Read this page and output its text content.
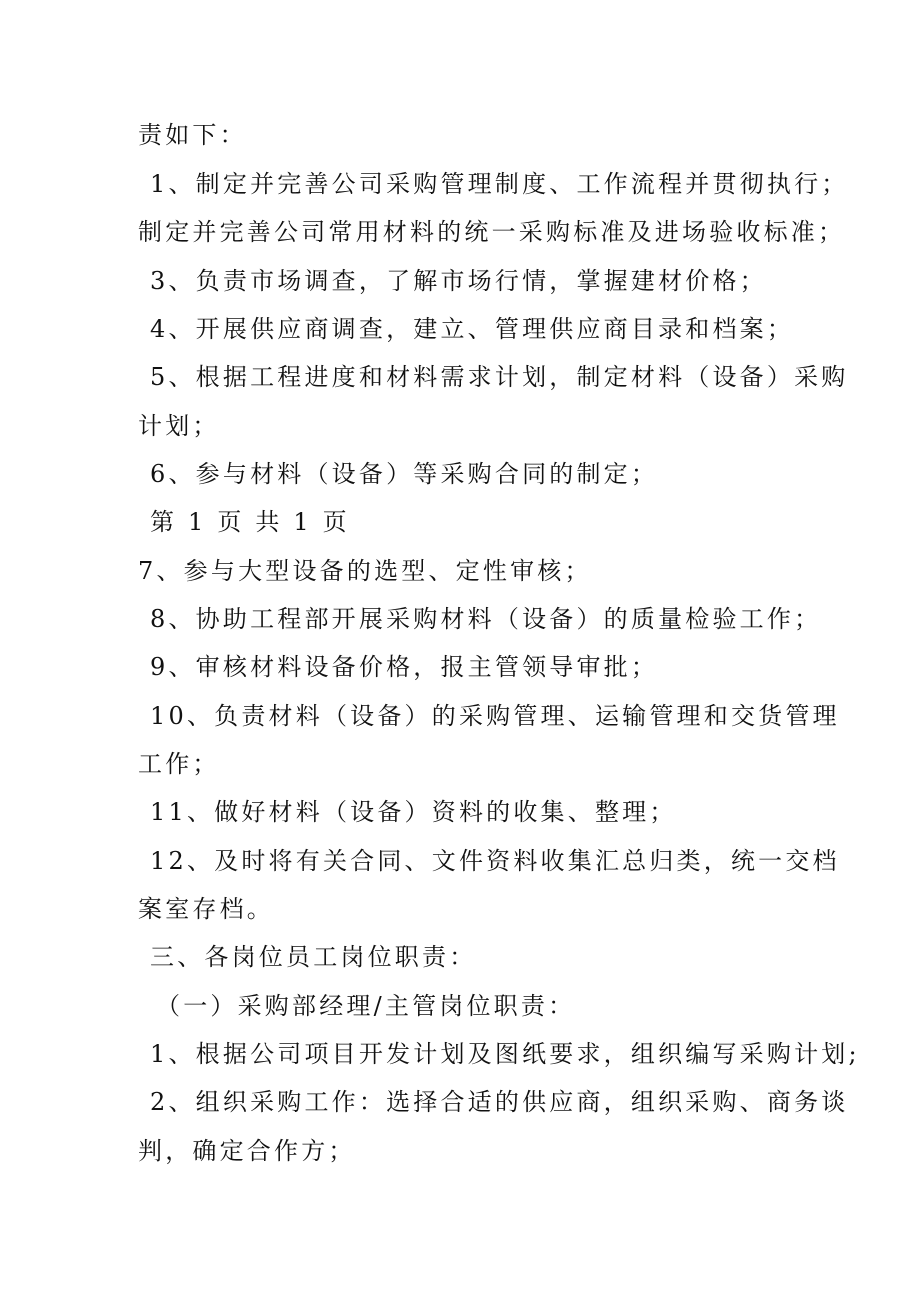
责如下：
1、制定并完善公司采购管理制度、工作流程并贯彻执行；
制定并完善公司常用材料的统一采购标准及进场验收标准；
3、负责市场调查，了解市场行情，掌握建材价格；
4、开展供应商调查，建立、管理供应商目录和档案；
5、根据工程进度和材料需求计划，制定材料（设备）采购
计划；
6、参与材料（设备）等采购合同的制定；
第 1 页 共 1 页
7、参与大型设备的选型、定性审核；
8、协助工程部开展采购材料（设备）的质量检验工作；
9、审核材料设备价格，报主管领导审批；
10、负责材料（设备）的采购管理、运输管理和交货管理
工作；
11、做好材料（设备）资料的收集、整理；
12、及时将有关合同、文件资料收集汇总归类，统一交档
案室存档。
三、各岗位员工岗位职责：
（一）采购部经理/主管岗位职责：
1、根据公司项目开发计划及图纸要求，组织编写采购计划;
2、组织采购工作：选择合适的供应商，组织采购、商务谈
判，确定合作方；
